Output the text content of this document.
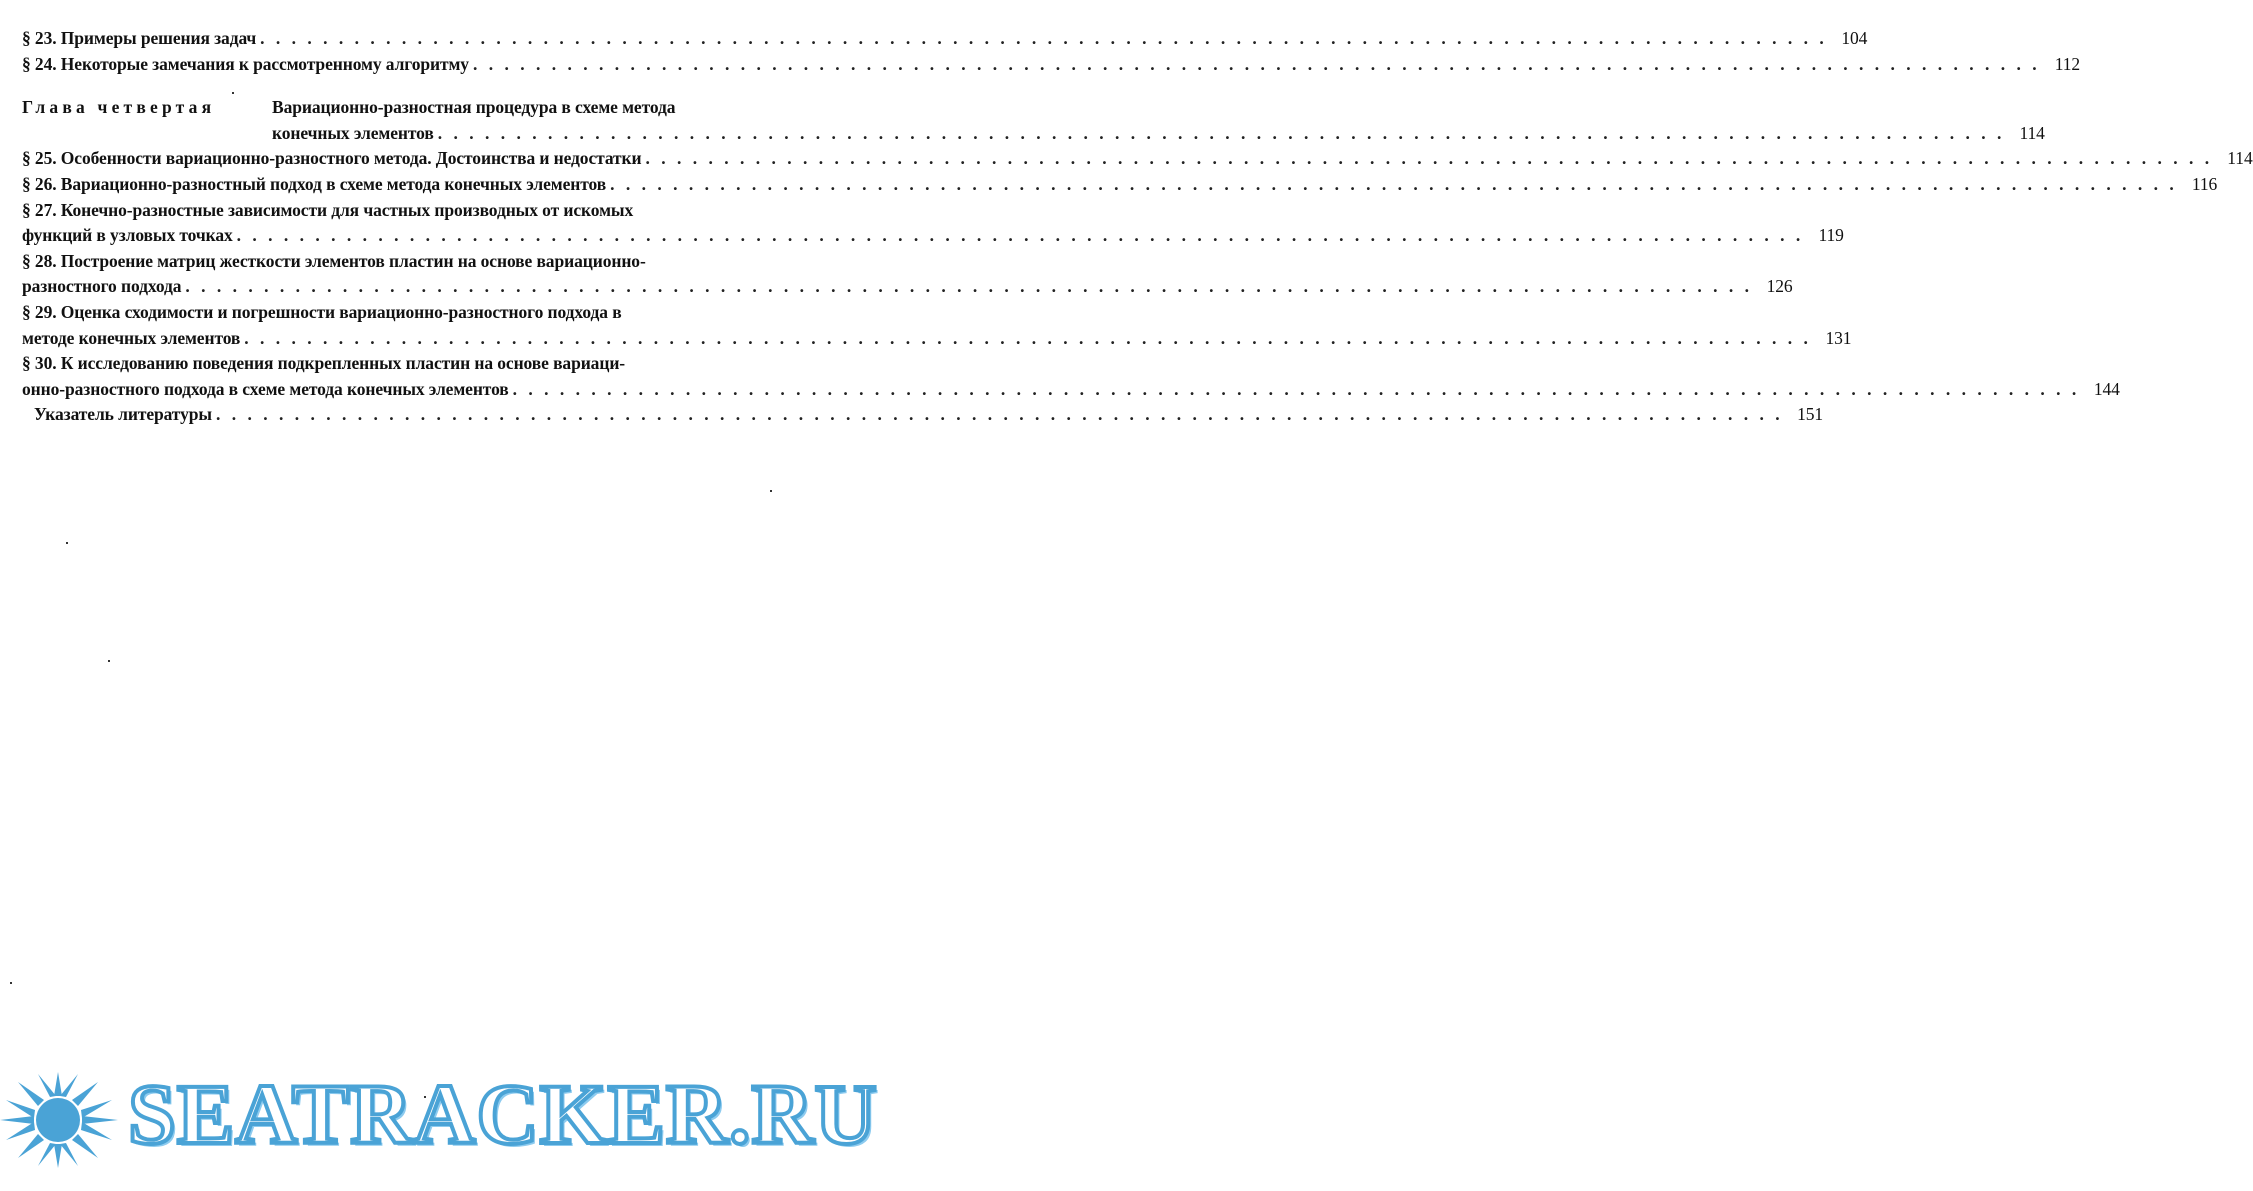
§ 23. Примеры решения задач . . .	104
§ 24. Некоторые замечания к рассмотренному алгоритму . . .	112
Глава четвертая	Вариационно-разностная процедура в схеме метода
конечных элементов . . .	114
§ 25. Особенности вариационно-разностного метода. Достоинства и недостатки . . .	114
§ 26. Вариационно-разностный подход в схеме метода конечных элементов . . .	116
§ 27. Конечно-разностные зависимости для частных производных от искомых
функций в узловых точках . . .	119
§ 28. Построение матриц жесткости элементов пластин на основе вариационно-
разностного подхода . . .	126
§ 29. Оценка сходимости и погрешности вариационно-разностного подхода в
методе конечных элементов . . .	131
§ 30. К исследованию поведения подкрепленных пластин на основе вариаци-
онно-разностного подхода в схеме метода конечных элементов . . .	144
Указатель литературы . . .	151
SEATRACKER.RU
